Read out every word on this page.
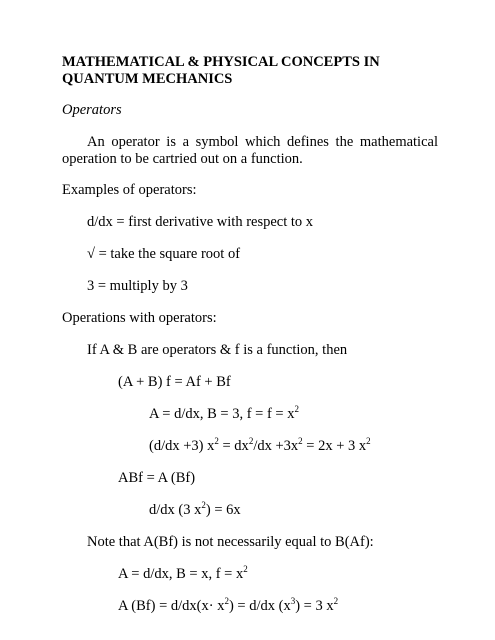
MATHEMATICAL & PHYSICAL CONCEPTS IN
QUANTUM MECHANICS
Operators
An operator is a symbol which defines the mathematical operation to be cartried out on a function.
Examples of operators:
d/dx = first derivative with respect to x
√ = take the square root of
3 = multiply by 3
Operations with operators:
If A & B are operators & f is a function, then
(A + B) f = Af + Bf
A = d/dx, B = 3, $f = f = x^2$
(d/dx +3) $x^2 = dx^2/dx +3x^2 = 2x + 3$ $x^2$
ABf = A (Bf)
d/dx (3 $x^2) = 6x$
Note that A(Bf) is not necessarily equal to B(Af):
A = d/dx, B = x, $f = x^2$
A $(Bf) = d/dx(x\cdot x^2) = d/dx$ $(x^3) = 3$ $x^2$
